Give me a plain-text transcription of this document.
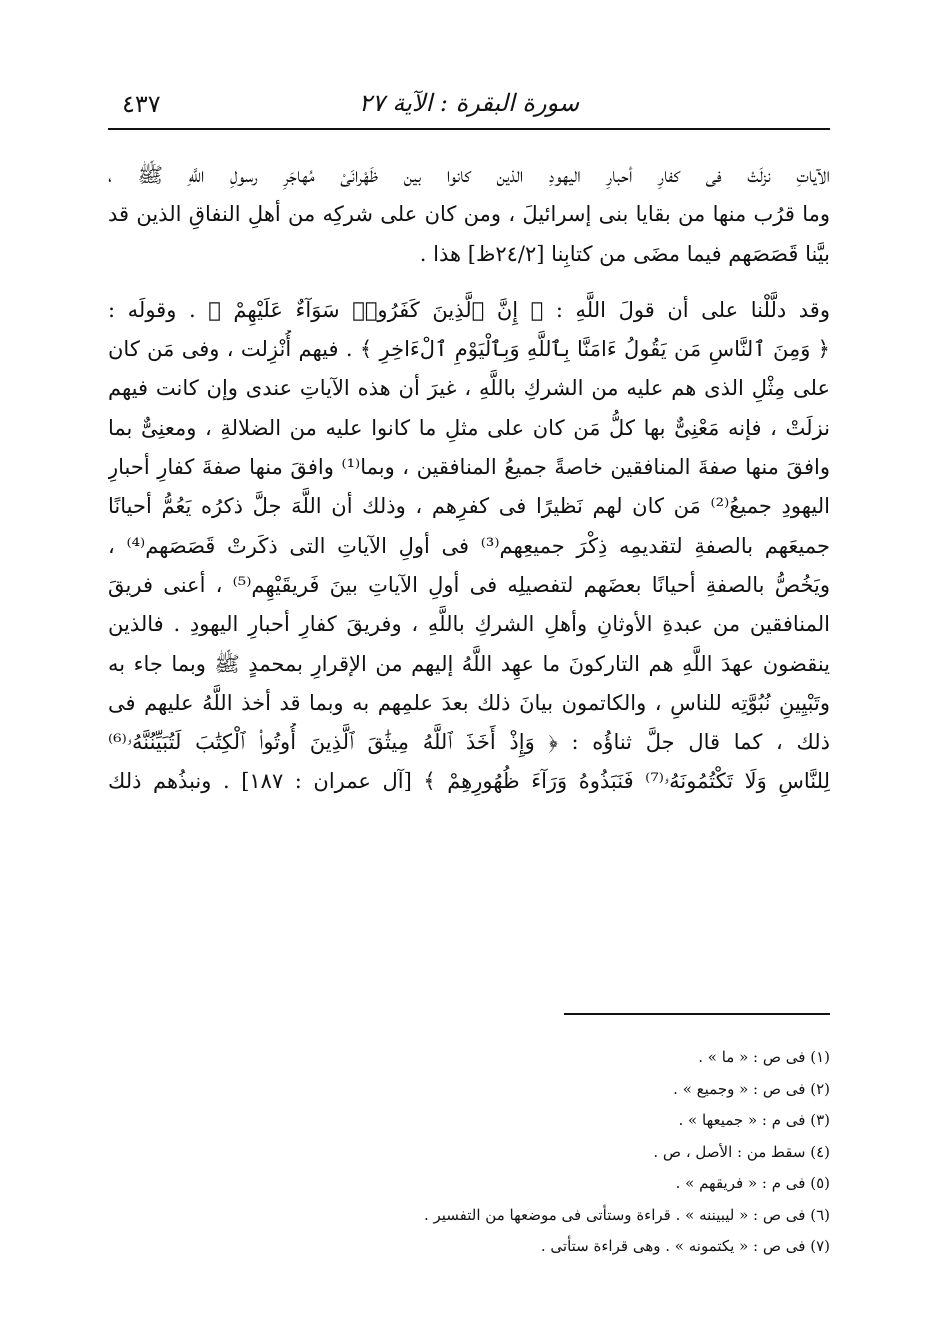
٤٣٧	سورة البقرة : الآية ٢٧
الآياتِ نزلَتْ فى كفارِ أحبارِ اليهودِ الذين كانوا بين ظَهْرانَىْ مُهاجَرِ رسولِ اللَّهِ ﷺ ،
وما قرُب منها من بقايا بنى إسرائيلَ ، ومن كان على شركِه من أهلِ النفاقِ الذين قد
بيَّنا قَصَصَهم فيما مضَى من كتابِنا [٢٤/٢ظ] هذا .
وقد دلَّلْنا على أن قولَ اللَّهِ : ﴿ إِنَّ ٱلَّذِينَ كَفَرُوا۟ سَوَآءٌ عَلَيْهِمْ ﴾ . وقولَه :
﴿ وَمِنَ ٱلنَّاسِ مَن يَقُولُ ءَامَنَّا بِٱللَّهِ وَبِٱلْيَوْمِ ٱلْءَاخِرِ ﴾ . فيهم أُنْزِلت ، وفى مَن كان
على مِثْلِ الذى هم عليه من الشركِ باللَّهِ ، غيرَ أن هذه الآياتِ عندى وإن كانت فيهم
نزلَتْ ، فإنه مَعْنِىٌّ بها كلُّ مَن كان على مثلِ ما كانوا عليه من الضلالةِ ، ومعنِىٌّ بما
وافقَ منها صفةَ المنافقين خاصةً جميعُ المنافقين ، وبما⁽¹⁾ وافقَ منها صفةَ كفارِ أحبارِ
اليهودِ جميعُ⁽²⁾ مَن كان لهم نَظيرًا فى كفرِهم ، وذلك أن اللَّهَ جلَّ ذكرُه يَعُمُّ أحيانًا
جميعَهم بالصفةِ لتقديمِه ذِكْرَ جميعِهم⁽³⁾ فى أولِ الآياتِ التى ذكَرتْ قَصَصَهم⁽⁴⁾ ،
ويَخُصُّ بالصفةِ أحيانًا بعضَهم لتفصيلِه فى أولِ الآياتِ بينَ فَريقَيْهِم⁽⁵⁾ ، أعنى فريقَ
المنافقين من عبدةِ الأوثانِ وأهلِ الشركِ باللَّهِ ، وفريقَ كفارِ أحبارِ اليهودِ . فالذين
ينقضون عهدَ اللَّهِ هم التاركونَ ما عهِد اللَّهُ إليهم من الإقرارِ بمحمدٍ ﷺ وبما جاء به
وتَبْيِينِ نُبُوَّتِه للناسِ ، والكاتمون بيانَ ذلك بعدَ علمِهم به وبما قد أخذ اللَّهُ عليهم فى
ذلك ، كما قال جلَّ ثناؤُه : ﴿ وَإِذْ أَخَذَ ٱللَّهُ مِيثَٰقَ ٱلَّذِينَ أُوتُوا۟ ٱلْكِتَٰبَ لَتُبَيِّنُنَّهُۥ⁽⁶⁾
لِلنَّاسِ وَلَا تَكْتُمُونَهُۥ⁽⁷⁾ فَنَبَذُوهُ وَرَآءَ ظُهُورِهِمْ ﴾ [آل عمران : ١٨٧] . ونبذُهم ذلك
(١) فى ص : « ما » .
(٢) فى ص : « وجميع » .
(٣) فى م : « جميعها » .
(٤) سقط من : الأصل ، ص .
(٥) فى م : « فريقهم » .
(٦) فى ص : « ليبيننه » . قراءة وستأتى فى موضعها من التفسير .
(٧) فى ص : « يكتمونه » . وهى قراءة ستأتى .
